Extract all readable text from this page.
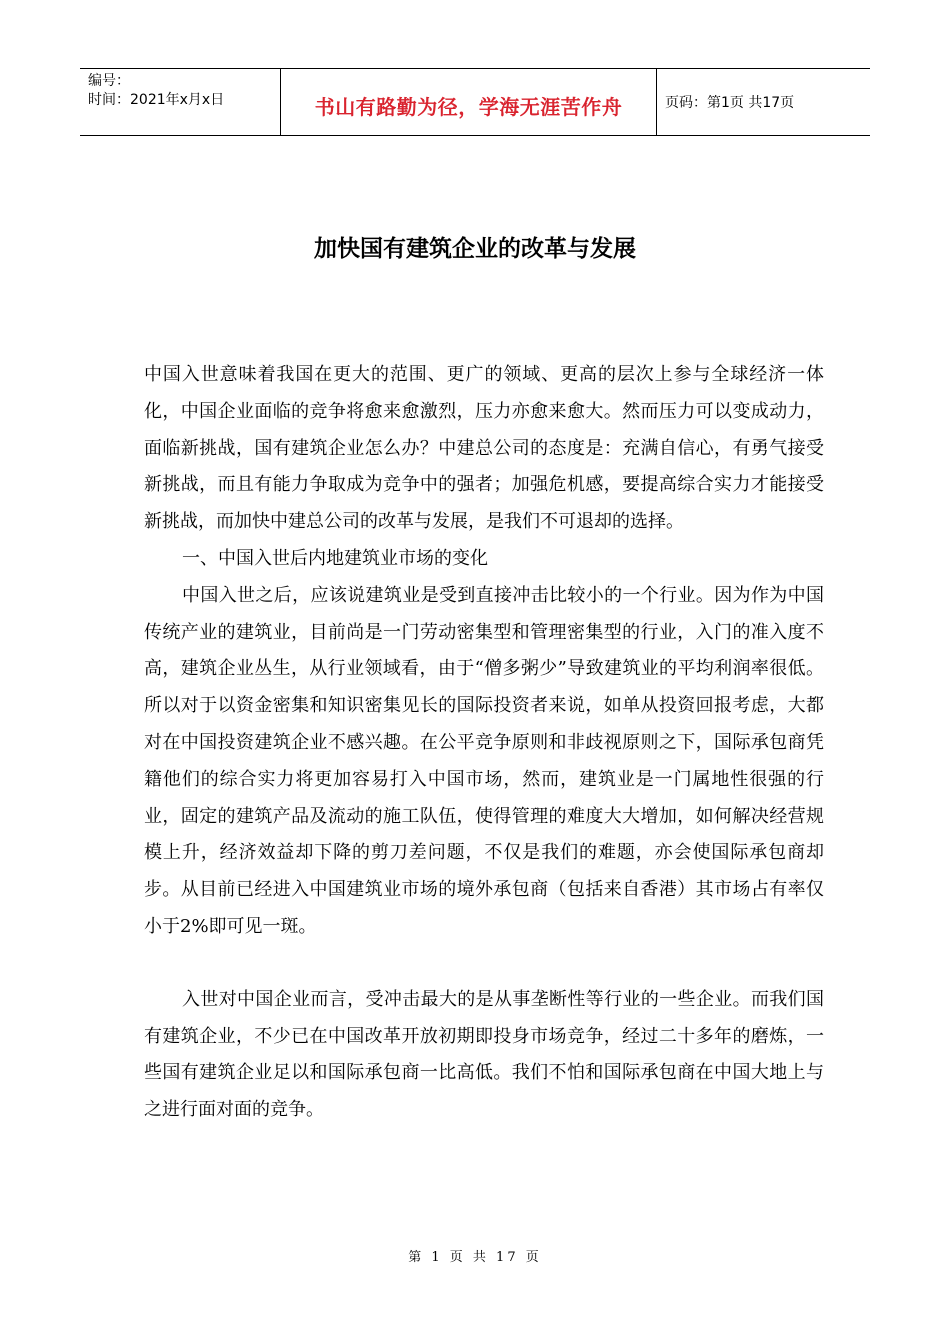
编号：
时间：2021年x月x日	书山有路勤为径，学海无涯苦作舟	页码：第1页 共17页
加快国有建筑企业的改革与发展

中国入世意味着我国在更大的范围、更广的领域、更高的层次上参与全球经济一体化，中国企业面临的竞争将愈来愈激烈，压力亦愈来愈大。然而压力可以变成动力，面临新挑战，国有建筑企业怎么办？中建总公司的态度是：充满自信心，有勇气接受新挑战，而且有能力争取成为竞争中的强者；加强危机感，要提高综合实力才能接受新挑战，而加快中建总公司的改革与发展，是我们不可退却的选择。

一、中国入世后内地建筑业市场的变化

中国入世之后，应该说建筑业是受到直接冲击比较小的一个行业。因为作为中国传统产业的建筑业，目前尚是一门劳动密集型和管理密集型的行业，入门的准入度不高，建筑企业丛生，从行业领域看，由于“僧多粥少”导致建筑业的平均利润率很低。所以对于以资金密集和知识密集见长的国际投资者来说，如单从投资回报考虑，大都对在中国投资建筑企业不感兴趣。在公平竞争原则和非歧视原则之下，国际承包商凭籍他们的综合实力将更加容易打入中国市场，然而，建筑业是一门属地性很强的行业，固定的建筑产品及流动的施工队伍，使得管理的难度大大增加，如何解决经营规模上升，经济效益却下降的剪刀差问题，不仅是我们的难题，亦会使国际承包商却步。从目前已经进入中国建筑业市场的境外承包商（包括来自香港）其市场占有率仅小于2%即可见一斑。

入世对中国企业而言，受冲击最大的是从事垄断性等行业的一些企业。而我们国有建筑企业，不少已在中国改革开放初期即投身市场竞争，经过二十多年的磨炼，一些国有建筑企业足以和国际承包商一比高低。我们不怕和国际承包商在中国大地上与之进行面对面的竞争。

第 1 页 共 17 页
